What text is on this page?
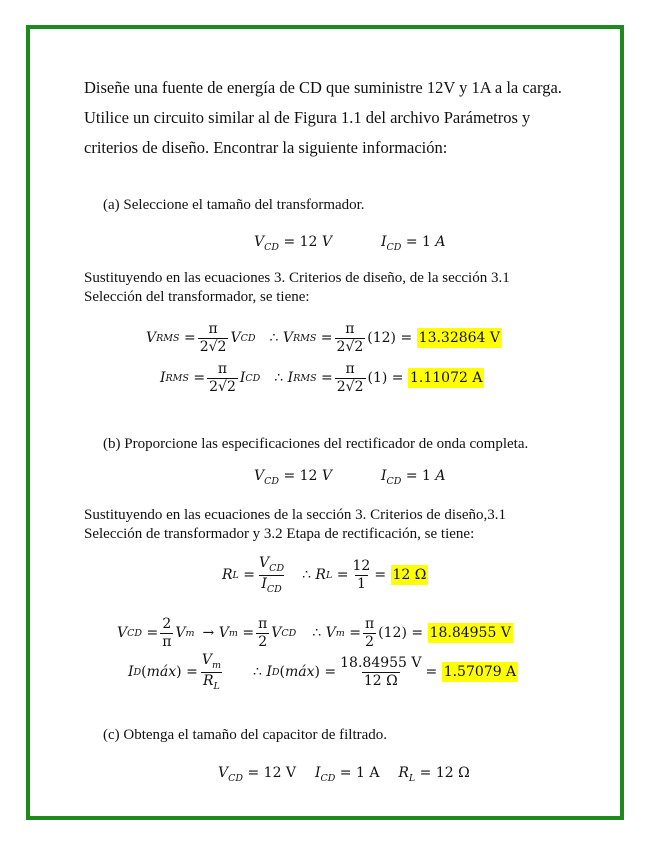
Diseñe una fuente de energía de CD que suministre 12V y 1A a la carga.
Utilice un circuito similar al de Figura 1.1 del archivo Parámetros y
criterios de diseño. Encontrar la siguiente información:
(a) Seleccione el tamaño del transformador.
$V_{CD} = 12$ V	$I_{CD} = 1$ A
Sustituyendo en las ecuaciones 3. Criterios de diseño, de la sección 3.1
Selección del transformador, se tiene:
V RMS = $\frac{\pi}{2√2}$ V CD ∴ V RMS = $\frac{\pi}{2√2} (12) = 13.32864$ V
I RMS = $\frac{\pi}{2√2}$ I CD ∴ I RMS = $\frac{\pi}{2√2} (1) = 1.11072$ A
(b) Proporcione las especificaciones del rectificador de onda completa.
$V_{CD} = 12$ V	$I_{CD} = 1$ A
Sustituyendo en las ecuaciones de la sección 3. Criterios de diseño,3.1
Selección de transformador y 3.2 Etapa de rectificación, se tiene:
R $L = \frac{V_{CD}}{I_{CD}}$ ∴ R $L = \frac{12}{1} = 12$ Ω
V CD = $\frac{2}{\pi}$ V m → V $m = \frac{\pi}{2}$ V CD ∴ V $m = \frac{\pi}{2} (12) = 18.84955$ V
I D ( máx ) = $\frac{V_m}{R_L}$ ∴ I D ( máx ) = $\frac{18.84955 V}{12 \Omega} = 1.57079$ A
(c) Obtenga el tamaño del capacitor de filtrado.
$V_{CD} = 12$ V $I_{CD} = 1$ A $R_L = 12$ Ω
